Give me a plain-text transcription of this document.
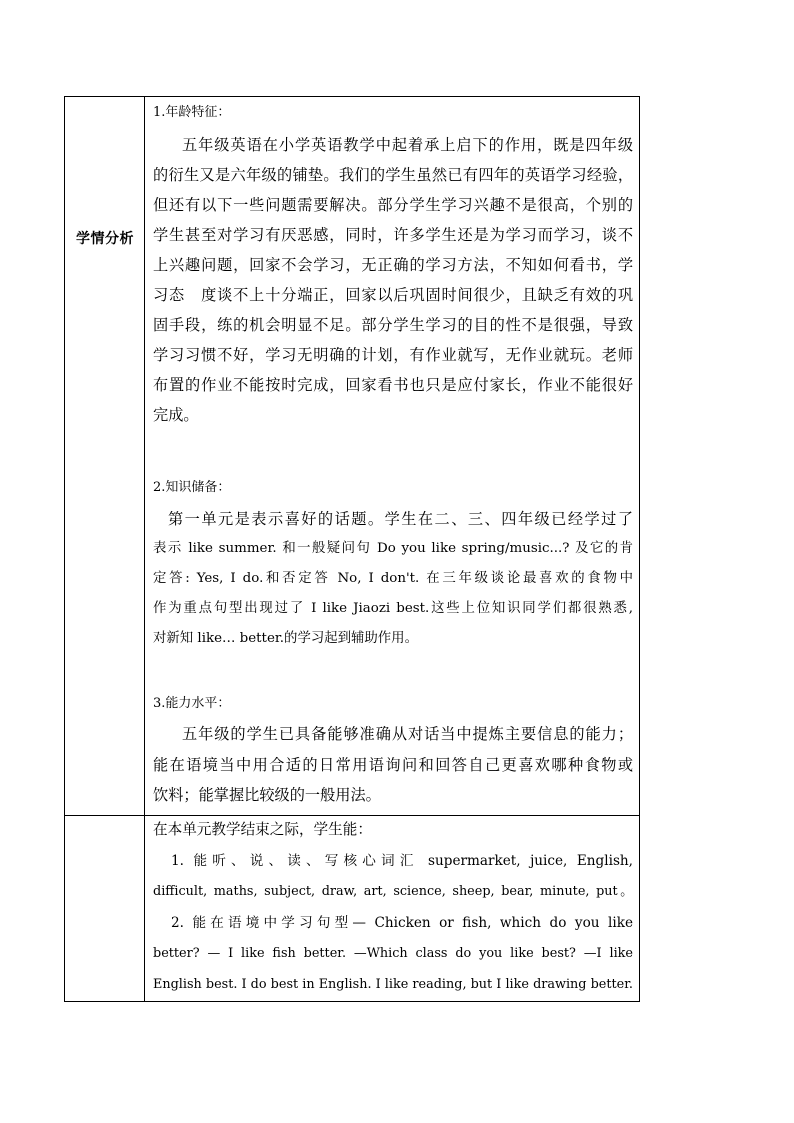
学情分析
1.年龄特征：
五年级英语在小学英语教学中起着承上启下的作用，既是四年级
的衍生又是六年级的铺垫。我们的学生虽然已有四年的英语学习经验，
但还有以下一些问题需要解决。部分学生学习兴趣不是很高，个别的
学生甚至对学习有厌恶感，同时，许多学生还是为学习而学习，谈不
上兴趣问题，回家不会学习，无正确的学习方法，不知如何看书，学
习态　度谈不上十分端正，回家以后巩固时间很少，且缺乏有效的巩
固手段，练的机会明显不足。部分学生学习的目的性不是很强，导致
学习习惯不好，学习无明确的计划，有作业就写，无作业就玩。老师
布置的作业不能按时完成，回家看书也只是应付家长，作业不能很好
完成。
2.知识储备：
第一单元是表示喜好的话题。学生在二、三、四年级已经学过了
表示 like summer. 和一般疑问句 Do you like spring/music...? 及它的肯
定答: Yes, I do.和否定答 No, I don't. 在三年级谈论最喜欢的食物中
作为重点句型出现过了 I like Jiaozi best.这些上位知识同学们都很熟悉,
对新知 like… better.的学习起到辅助作用。
3.能力水平：
五年级的学生已具备能够准确从对话当中提炼主要信息的能力；
能在语境当中用合适的日常用语询问和回答自己更喜欢哪种食物或
饮料；能掌握比较级的一般用法。
在本单元教学结束之际，学生能：
1. 能听、说、读、写核心词汇 supermarket, juice, English,
difficult, maths, subject, draw, art, science, sheep, bear, minute, put。
2. 能在语境中学习句型— Chicken or fish, which do you like
better? — I like fish better. —Which class do you like best? —I like
English best. I do best in English. I like reading, but I like drawing better.
